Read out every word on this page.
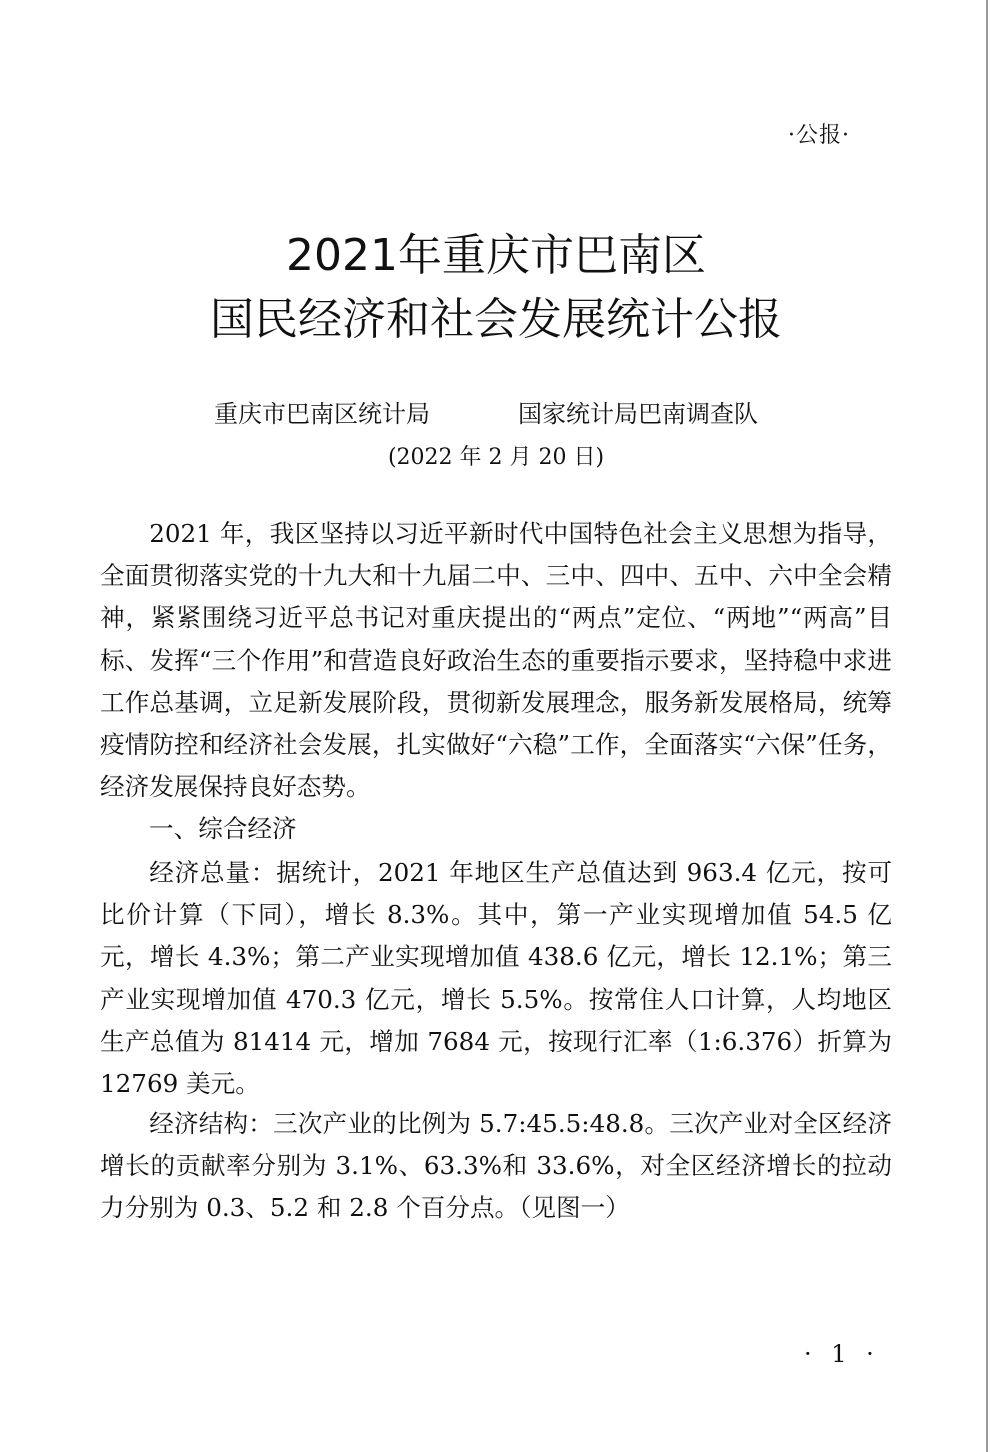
·公报·
2021年重庆市巴南区
国民经济和社会发展统计公报
重庆市巴南区统计局	国家统计局巴南调查队
(2022 年 2 月 20 日)

2021 年，我区坚持以习近平新时代中国特色社会主义思想为指导，全面贯彻落实党的十九大和十九届二中、三中、四中、五中、六中全会精神，紧紧围绕习近平总书记对重庆提出的“两点”定位、“两地”“两高”目标、发挥“三个作用”和营造良好政治生态的重要指示要求，坚持稳中求进工作总基调，立足新发展阶段，贯彻新发展理念，服务新发展格局，统筹疫情防控和经济社会发展，扎实做好“六稳”工作，全面落实“六保”任务，经济发展保持良好态势。

一、综合经济

经济总量：据统计，2021 年地区生产总值达到 963.4 亿元，按可比价计算（下同），增长 8.3%。其中，第一产业实现增加值 54.5 亿元，增长 4.3%；第二产业实现增加值 438.6 亿元，增长 12.1%；第三产业实现增加值 470.3 亿元，增长 5.5%。按常住人口计算，人均地区生产总值为 81414 元，增加 7684 元，按现行汇率（1:6.376）折算为 12769 美元。

经济结构：三次产业的比例为 5.7:45.5:48.8。三次产业对全区经济增长的贡献率分别为 3.1%、63.3%和 33.6%，对全区经济增长的拉动力分别为 0.3、5.2 和 2.8 个百分点。（见图一）

· 1 ·
